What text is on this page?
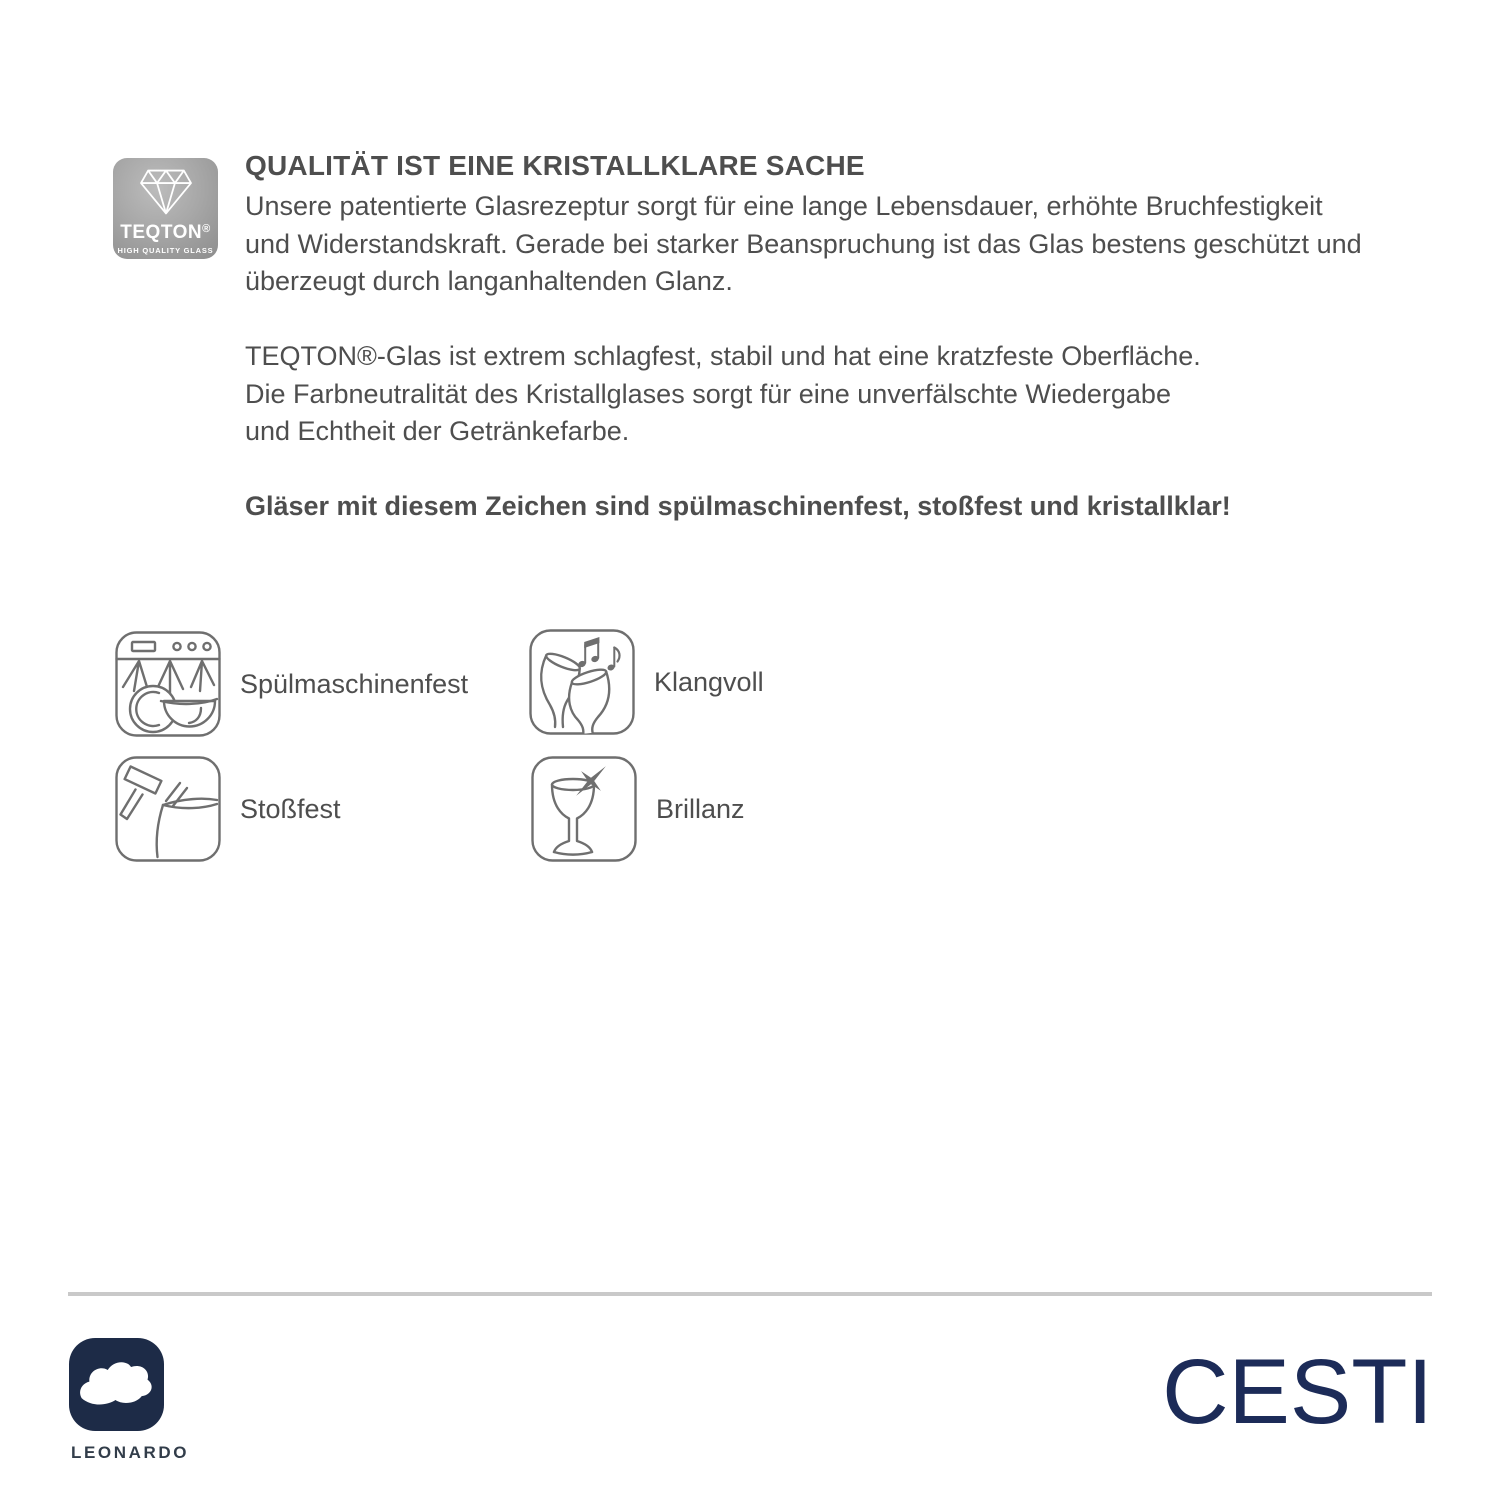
TEQTON®
HIGH QUALITY GLASS
QUALITÄT IST EINE KRISTALLKLARE SACHE
Unsere patentierte Glasrezeptur sorgt für eine lange Lebensdauer, erhöhte Bruchfestigkeit
und Widerstandskraft. Gerade bei starker Beanspruchung ist das Glas bestens geschützt und
überzeugt durch langanhaltenden Glanz.
TEQTON®-Glas ist extrem schlagfest, stabil und hat eine kratzfeste Oberfläche.
Die Farbneutralität des Kristallglases sorgt für eine unverfälschte Wiedergabe
und Echtheit der Getränkefarbe.
Gläser mit diesem Zeichen sind spülmaschinenfest, stoßfest und kristallklar!
Spülmaschinenfest	Klangvoll
Stoßfest	Brillanz
LEONARDO
CESTI
